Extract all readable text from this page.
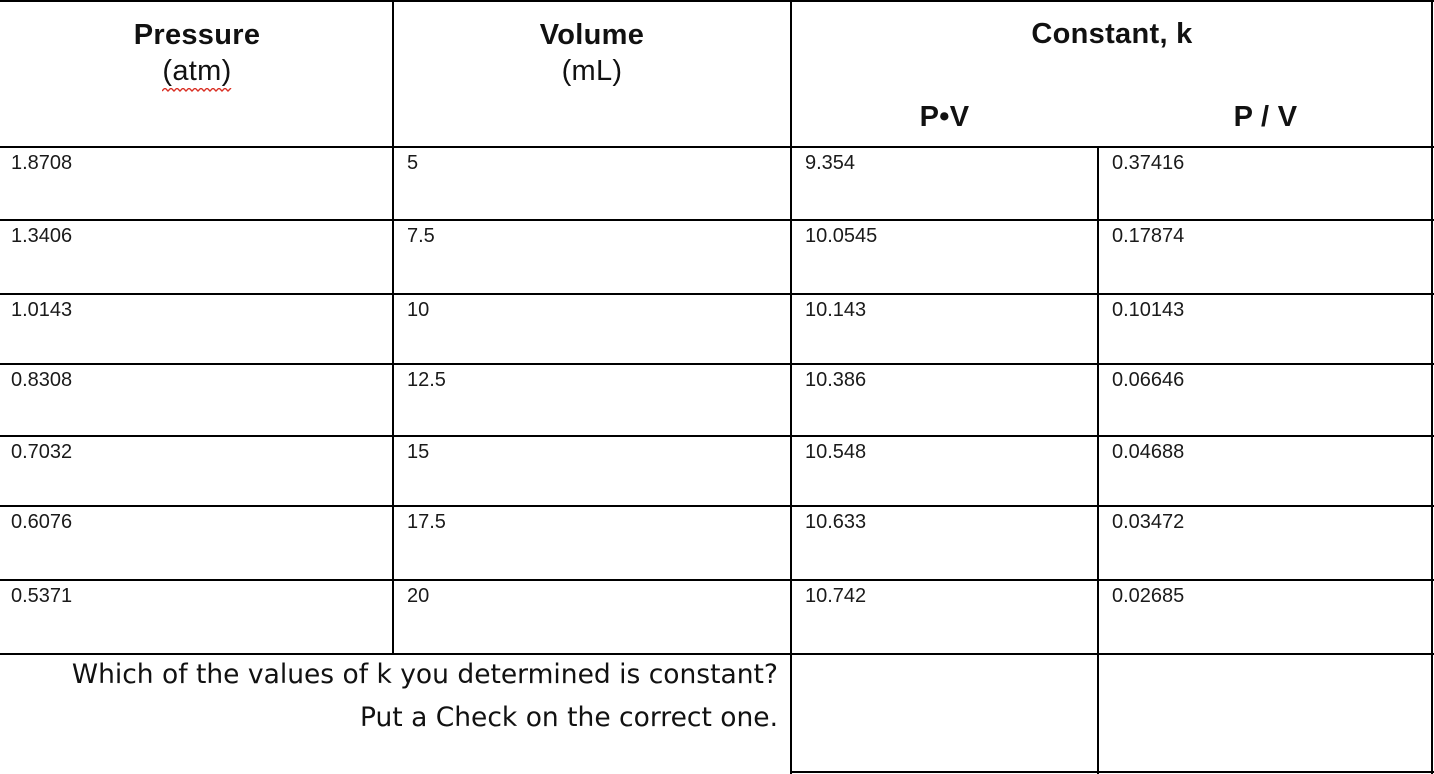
Pressure
(atm)
Volume
(mL)
Constant, k
P•V	P / V
1.8708	5	9.354	0.37416
1.3406	7.5	10.0545	0.17874
1.0143	10	10.143	0.10143
0.8308	12.5	10.386	0.06646
0.7032	15	10.548	0.04688
0.6076	17.5	10.633	0.03472
0.5371	20	10.742	0.02685
Which of the values of k you determined is constant?
Put a Check on the correct one.
